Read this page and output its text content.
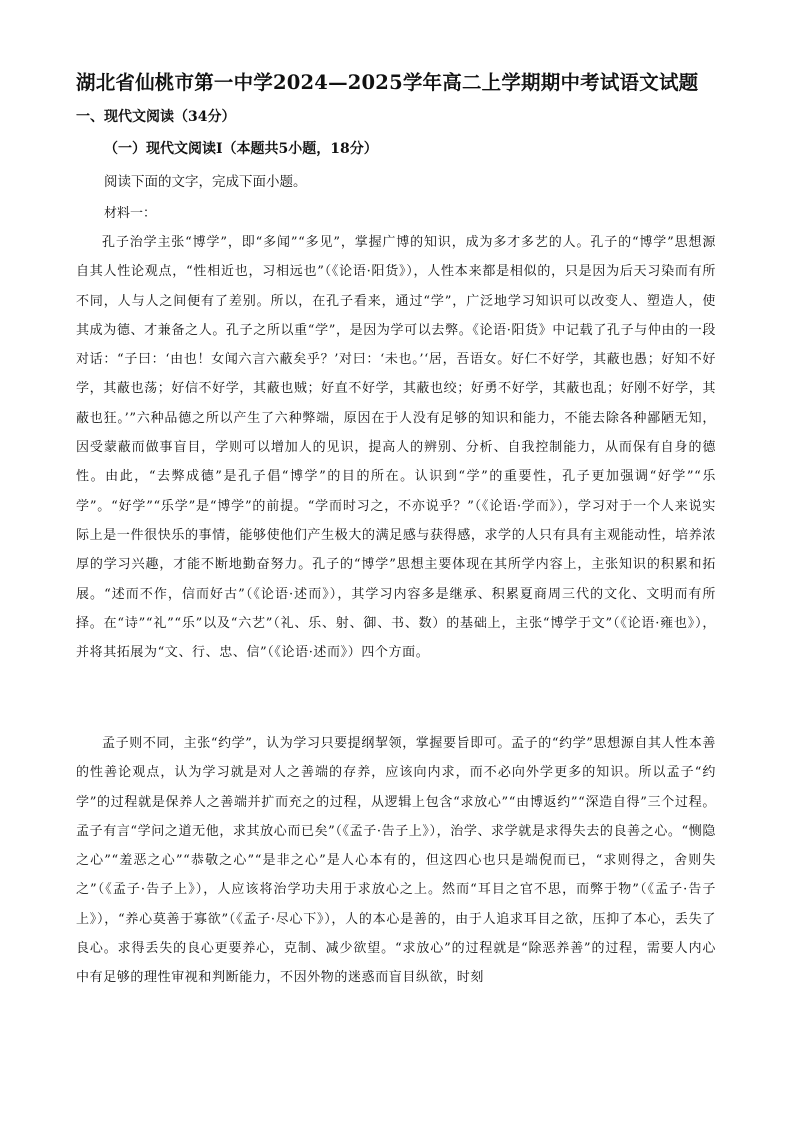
湖北省仙桃市第一中学2024—2025学年高二上学期期中考试语文试题
一、现代文阅读（34分）
（一）现代文阅读Ⅰ（本题共5小题，18分）
阅读下面的文字，完成下面小题。
材料一：

孔子治学主张“博学”，即“多闻”“多见”，掌握广博的知识，成为多才多艺的人。孔子的“博学”思想源自其人性论观点，“性相近也，习相远也”（《论语·阳货》），人性本来都是相似的，只是因为后天习染而有所不同，人与人之间便有了差别。所以，在孔子看来，通过“学”，广泛地学习知识可以改变人、塑造人，使其成为德、才兼备之人。孔子之所以重“学”，是因为学可以去弊。《论语·阳货》中记载了孔子与仲由的一段对话：“子曰：‘由也！女闻六言六蔽矣乎？’对曰：‘未也。’‘居，吾语女。好仁不好学，其蔽也愚；好知不好学，其蔽也荡；好信不好学，其蔽也贼；好直不好学，其蔽也绞；好勇不好学，其蔽也乱；好刚不好学，其蔽也狂。’”六种品德之所以产生了六种弊端，原因在于人没有足够的知识和能力，不能去除各种鄙陋无知，因受蒙蔽而做事盲目，学则可以增加人的见识，提高人的辨别、分析、自我控制能力，从而保有自身的德性。由此，“去弊成德”是孔子倡“博学”的目的所在。认识到“学”的重要性，孔子更加强调“好学”“乐学”。“好学”“乐学”是“博学”的前提。“学而时习之，不亦说乎？”（《论语·学而》），学习对于一个人来说实际上是一件很快乐的事情，能够使他们产生极大的满足感与获得感，求学的人只有具有主观能动性，培养浓厚的学习兴趣，才能不断地勤奋努力。孔子的“博学”思想主要体现在其所学内容上，主张知识的积累和拓展。“述而不作，信而好古”（《论语·述而》），其学习内容多是继承、积累夏商周三代的文化、文明而有所择。在“诗”“礼”“乐”以及“六艺”（礼、乐、射、御、书、数）的基础上，主张“博学于文”（《论语·雍也》），并将其拓展为“文、行、忠、信”（《论语·述而》）四个方面。

孟子则不同，主张“约学”，认为学习只要提纲挈领，掌握要旨即可。孟子的“约学”思想源自其人性本善的性善论观点，认为学习就是对人之善端的存养，应该向内求，而不必向外学更多的知识。所以孟子“约学”的过程就是保养人之善端并扩而充之的过程，从逻辑上包含“求放心”“由博返约”“深造自得”三个过程。孟子有言“学问之道无他，求其放心而已矣”（《孟子·告子上》），治学、求学就是求得失去的良善之心。“恻隐之心”“羞恶之心”“恭敬之心”“是非之心”是人心本有的，但这四心也只是端倪而已，“求则得之，舍则失之”（《孟子·告子上》），人应该将治学功夫用于求放心之上。然而“耳目之官不思，而弊于物”（《孟子·告子上》），“养心莫善于寡欲”（《孟子·尽心下》），人的本心是善的，由于人追求耳目之欲，压抑了本心，丢失了良心。求得丢失的良心更要养心，克制、减少欲望。“求放心”的过程就是“除恶养善”的过程，需要人内心中有足够的理性审视和判断能力，不因外物的迷惑而盲目纵欲，时刻
